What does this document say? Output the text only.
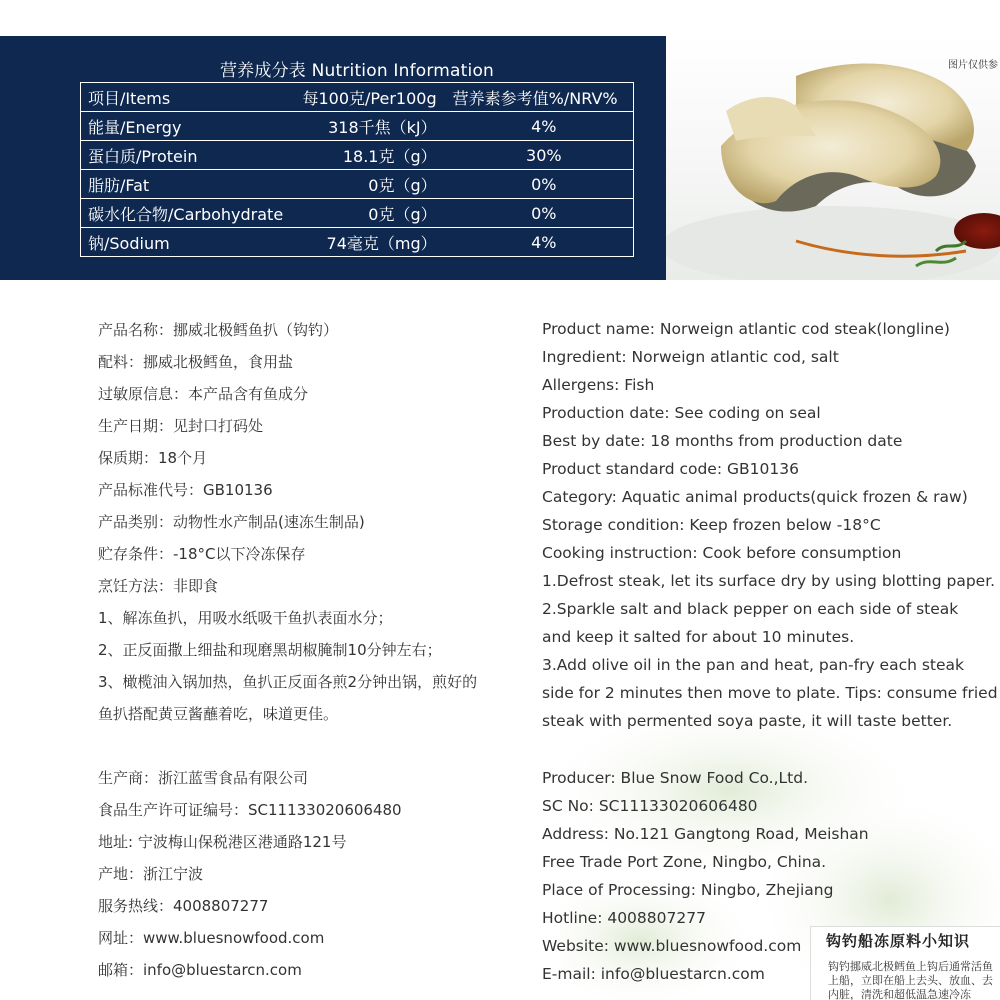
图片仅供参
营养成分表 Nutrition Information
项目/Items	每100克/Per100g	营养素参考值%/NRV%
能量/Energy	318千焦（kJ）	4%
蛋白质/Protein	18.1克（g）	30%
脂肪/Fat	0克（g）	0%
碳水化合物/Carbohydrate	0克（g）	0%
钠/Sodium	74毫克（mg）	4%
产品名称：挪威北极鳕鱼扒（钩钓）
配料：挪威北极鳕鱼，食用盐
过敏原信息：本产品含有鱼成分
生产日期：见封口打码处
保质期：18个月
产品标准代号：GB10136
产品类别：动物性水产制品(速冻生制品)
贮存条件：-18°C以下冷冻保存
烹饪方法：非即食
1、解冻鱼扒，用吸水纸吸干鱼扒表面水分；
2、正反面撒上细盐和现磨黑胡椒腌制10分钟左右；
3、橄榄油入锅加热，鱼扒正反面各煎2分钟出锅，煎好的
鱼扒搭配黄豆酱蘸着吃，味道更佳。
Product name: Norweign atlantic cod steak(longline)
Ingredient: Norweign atlantic cod, salt
Allergens: Fish
Production date: See coding on seal
Best by date: 18 months from production date
Product standard code: GB10136
Category: Aquatic animal products(quick frozen & raw)
Storage condition: Keep frozen below -18°C
Cooking instruction: Cook before consumption
1.Defrost steak, let its surface dry by using blotting paper.
2.Sparkle salt and black pepper on each side of steak
and keep it salted for about 10 minutes.
3.Add olive oil in the pan and heat, pan-fry each steak
side for 2 minutes then move to plate. Tips: consume fried
steak with permented soya paste, it will taste better.
生产商：浙江蓝雪食品有限公司
食品生产许可证编号：SC11133020606480
地址: 宁波梅山保税港区港通路121号
产地：浙江宁波
服务热线：4008807277
网址：www.bluesnowfood.com
邮箱：info@bluestarcn.com
Producer: Blue Snow Food Co.,Ltd.
SC No: SC11133020606480
Address: No.121 Gangtong Road, Meishan
Free Trade Port Zone, Ningbo, China.
Place of Processing: Ningbo, Zhejiang
Hotline: 4008807277
Website: www.bluesnowfood.com
E-mail: info@bluestarcn.com
钩钓船冻原料小知识
钩钓挪威北极鳕鱼上钩后通常活鱼上船，立即在船上去头、放血、去内脏，清洗和超低温急速冷冻
